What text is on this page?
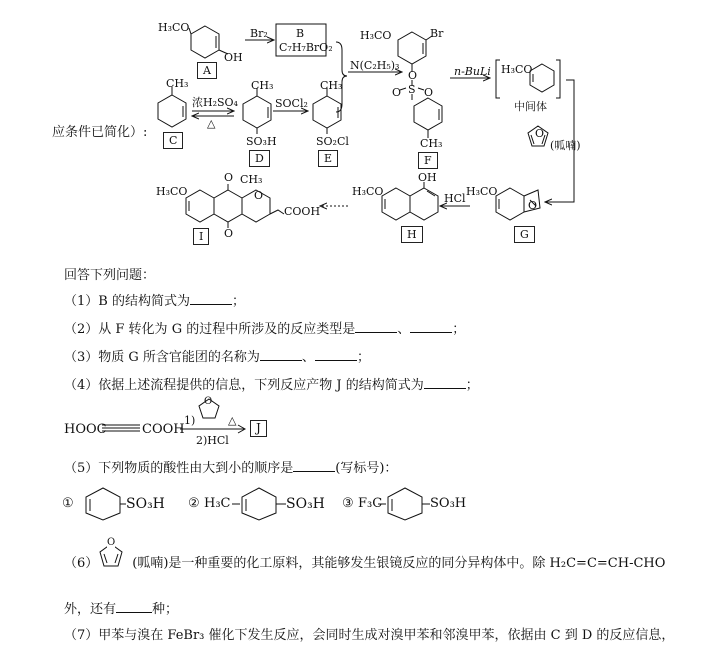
H₃CO
OH
A
Br₂	B
C₇H₇BrO₂
CH₃
C
浓H₂SO₄
△
CH₃
SO₃H
D
SOCl₂
CH₃
SO₂Cl
E
N(C₂H₅)₃
H₃CO	Br
O
S
O O
CH₃
F
n-BuLi H₃CO
中间体
O
(呱喃)
H₃CO
O
G
HCl
OH
H₃CO
H
H₃CO
O CH₃
O
O
COOH
I
应条件已简化）:
回答下列问题：
（1）B 的结构简式为	；
（2）从 F 转化为 G 的过程中所涉及的反应类型是	、	；
（3）物质 G 所含官能团的名称为	、	；
（4）依据上述流程提供的信息，下列反应产物 J 的结构简式为	；
HOOC	COOH
1)
O
△
2)HCl
J
（5）下列物质的酸性由大到小的顺序是	(写标号)：
①	SO₃H ② H₃C	SO₃H ③ F₃C	SO₃H
（6）	(呱喃)是一种重要的化工原料，其能够发生银镜反应的同分异构体中。除 H₂C=C=CH-CHO
O
外，还有	种；
（7）甲苯与溴在 FeBr₃ 催化下发生反应，会同时生成对溴甲苯和邻溴甲苯，依据由 C 到 D 的反应信息，
